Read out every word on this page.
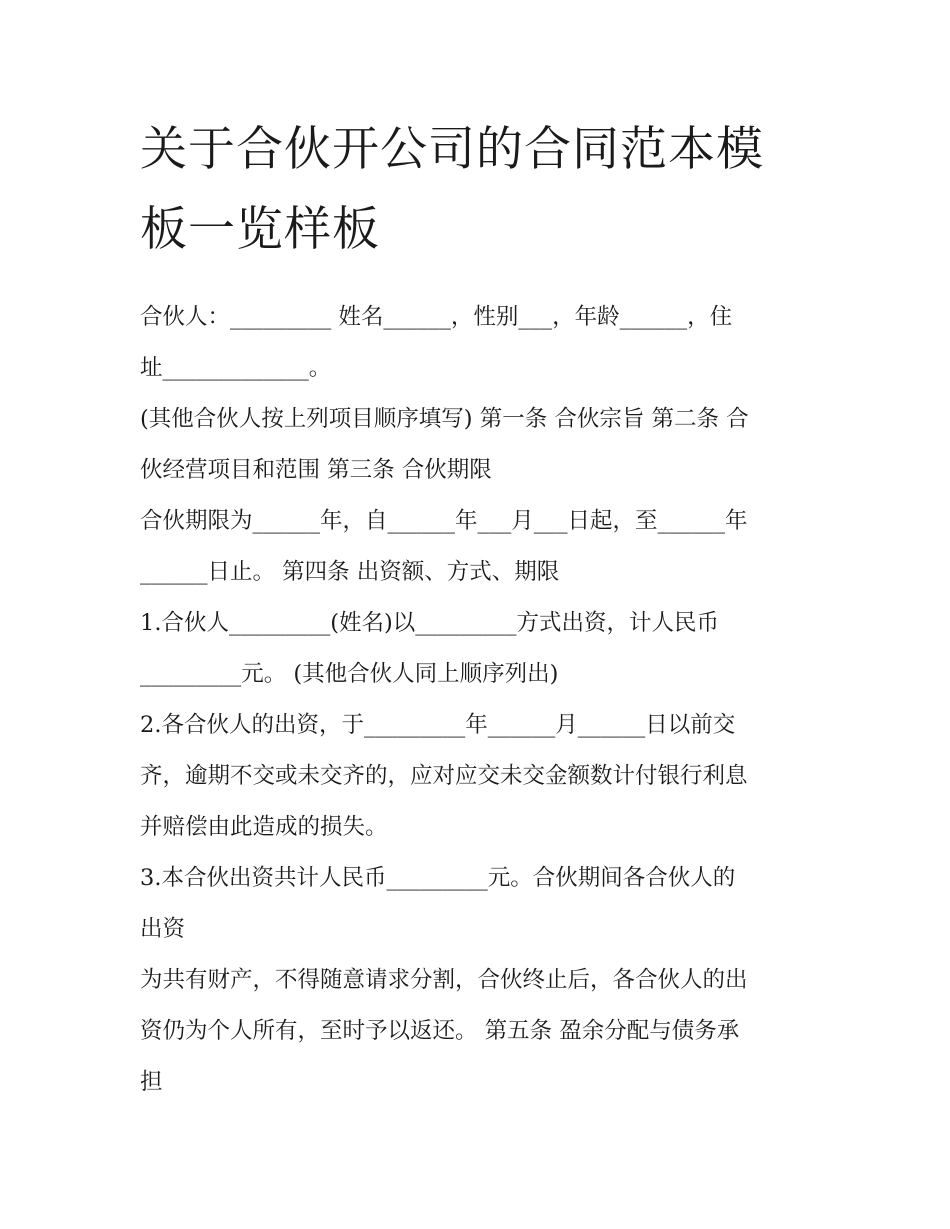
关于合伙开公司的合同范本模
板一览样板

合伙人：_________ 姓名______，性别___，年龄______，住

址_____________。

(其他合伙人按上列项目顺序填写) 第一条 合伙宗旨 第二条 合

伙经营项目和范围 第三条 合伙期限

合伙期限为______年，自______年___月___日起，至______年

______日止。 第四条 出资额、方式、期限

1.合伙人_________(姓名)以_________方式出资，计人民币

_________元。 (其他合伙人同上顺序列出)

2.各合伙人的出资，于_________年______月______日以前交

齐，逾期不交或未交齐的，应对应交未交金额数计付银行利息

并赔偿由此造成的损失。

3.本合伙出资共计人民币_________元。合伙期间各合伙人的

出资

为共有财产，不得随意请求分割，合伙终止后，各合伙人的出

资仍为个人所有，至时予以返还。 第五条 盈余分配与债务承

担
